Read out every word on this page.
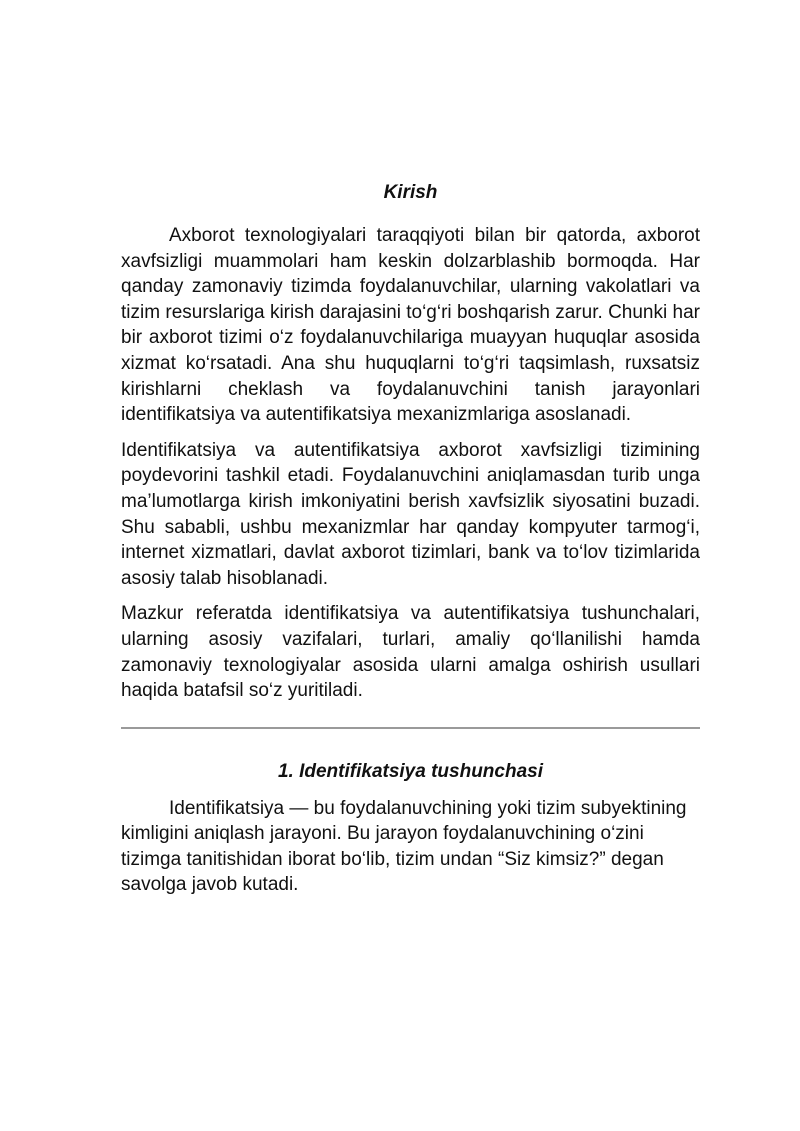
Kirish

Axborot texnologiyalari taraqqiyoti bilan bir qatorda, axborot xavfsizligi muammolari ham keskin dolzarblashib bormoqda. Har qanday zamonaviy tizimda foydalanuvchilar, ularning vakolatlari va tizim resurslariga kirish darajasini to‘g‘ri boshqarish zarur. Chunki har bir axborot tizimi o‘z foydalanuvchilariga muayyan huquqlar asosida xizmat ko‘rsatadi. Ana shu huquqlarni to‘g‘ri taqsimlash, ruxsatsiz kirishlarni cheklash va foydalanuvchini tanish jarayonlari identifikatsiya va autentifikatsiya mexanizmlariga asoslanadi.

Identifikatsiya va autentifikatsiya axborot xavfsizligi tizimining poydevorini tashkil etadi. Foydalanuvchini aniqlamasdan turib unga ma’lumotlarga kirish imkoniyatini berish xavfsizlik siyosatini buzadi. Shu sababli, ushbu mexanizmlar har qanday kompyuter tarmog‘i, internet xizmatlari, davlat axborot tizimlari, bank va to‘lov tizimlarida asosiy talab hisoblanadi.

Mazkur referatda identifikatsiya va autentifikatsiya tushunchalari, ularning asosiy vazifalari, turlari, amaliy qo‘llanilishi hamda zamonaviy texnologiyalar asosida ularni amalga oshirish usullari haqida batafsil so‘z yuritiladi.

1. Identifikatsiya tushunchasi

Identifikatsiya — bu foydalanuvchining yoki tizim subyektining kimligini aniqlash jarayoni. Bu jarayon foydalanuvchining o‘zini tizimga tanitishidan iborat bo‘lib, tizim undan “Siz kimsiz?” degan savolga javob kutadi.
